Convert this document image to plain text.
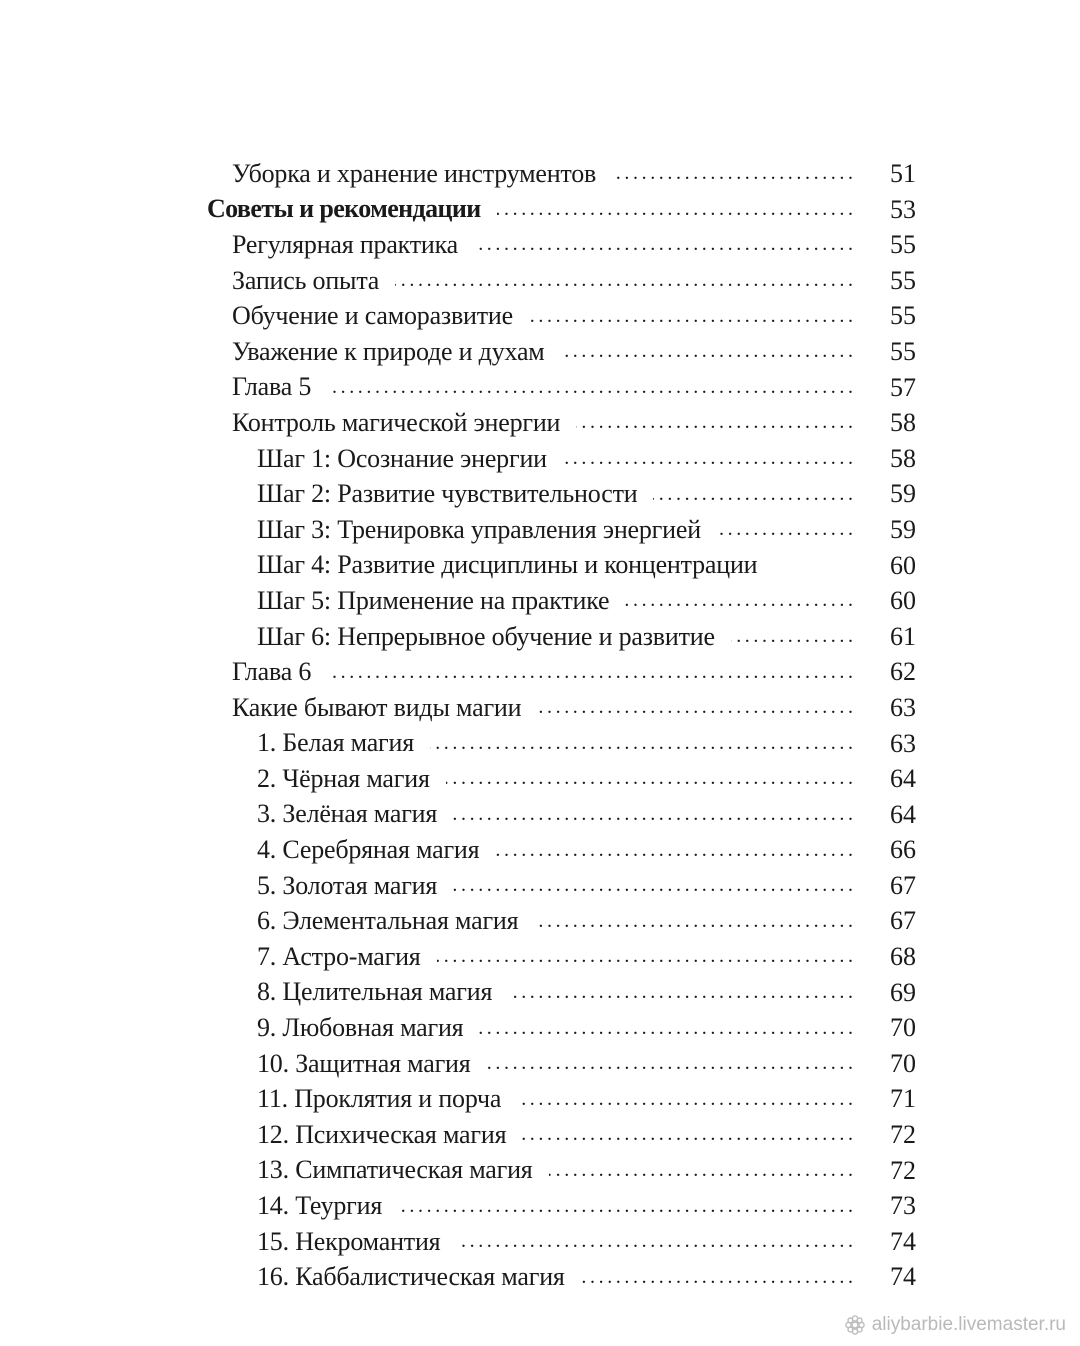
Уборка и хранение инструментов . . .	51
Советы и рекомендации . . .	53
Регулярная практика . . .	55
Запись опыта . . .	55
Обучение и саморазвитие . . .	55
Уважение к природе и духам . . .	55
Глава 5 . . .	57
Контроль магической энергии . . .	58
Шаг 1: Осознание энергии . . .	58
Шаг 2: Развитие чувствительности . . .	59
Шаг 3: Тренировка управления энергией . . .	59
Шаг 4: Развитие дисциплины и концентрации	60
Шаг 5: Применение на практике . . .	60
Шаг 6: Непрерывное обучение и развитие . . .	61
Глава 6 . . .	62
Какие бывают виды магии . . .	63
1. Белая магия . . .	63
2. Чёрная магия . . .	64
3. Зелёная магия . . .	64
4. Серебряная магия . . .	66
5. Золотая магия . . .	67
6. Элементальная магия . . .	67
7. Астро-магия . . .	68
8. Целительная магия . . .	69
9. Любовная магия . . .	70
10. Защитная магия . . .	70
11. Проклятия и порча . . .	71
12. Психическая магия . . .	72
13. Симпатическая магия . . .	72
14. Теургия . . .	73
15. Некромантия . . .	74
16. Каббалистическая магия . . .	74
aliybarbie.livemaster.ru
